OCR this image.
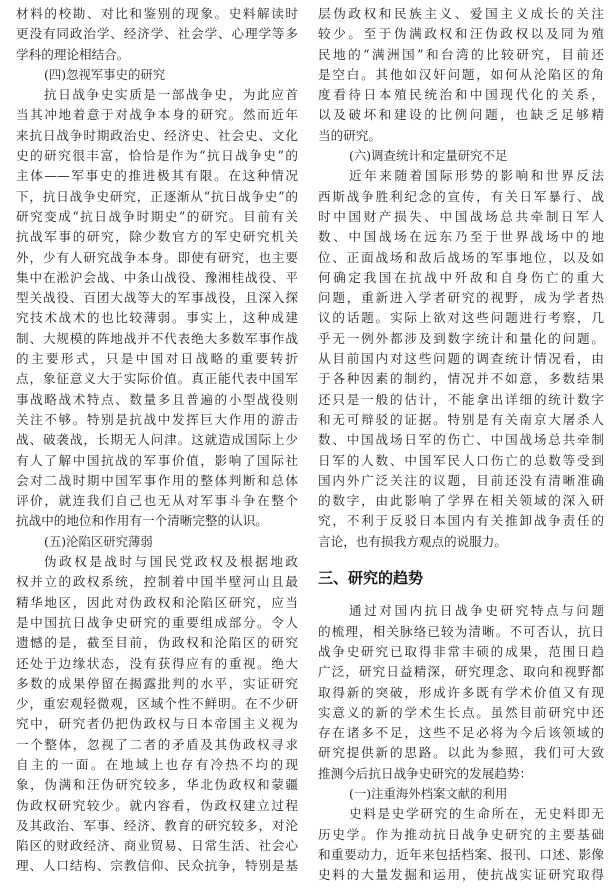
材料的校勘、对比和鉴别的现象。史料解读时
更没有同政治学、经济学、社会学、心理学等多
学科的理论相结合。
(四)忽视军事史的研究
抗日战争史实质是一部战争史，为此应首
当其冲地着意于对战争本身的研究。然而近年
来抗日战争时期政治史、经济史、社会史、文化
史的研究很丰富，恰恰是作为“抗日战争史”的
主体——军事史的推进极其有限。在这种情况
下，抗日战争史研究，正逐渐从“抗日战争史”的
研究变成“抗日战争时期史”的研究。目前有关
抗战军事的研究，除少数官方的军史研究机关
外，少有人研究战争本身。即使有研究，也主要
集中在淞沪会战、中条山战役、豫湘桂战役、平
型关战役、百团大战等大的军事战役，且深入探
究技术战术的也比较薄弱。事实上，这种成建
制、大规模的阵地战并不代表绝大多数军事作战
的主要形式，只是中国对日战略的重要转折
点，象征意义大于实际价值。真正能代表中国军
事战略战术特点、数量多且普遍的小型战役则
关注不够。特别是抗战中发挥巨大作用的游击
战、破袭战，长期无人问津。这就造成国际上少
有人了解中国抗战的军事价值，影响了国际社
会对二战时期中国军事作用的整体判断和总体
评价，就连我们自己也无从对军事斗争在整个
抗战中的地位和作用有一个清晰完整的认识。
(五)沦陷区研究薄弱
伪政权是战时与国民党政权及根据地政
权并立的政权系统，控制着中国半壁河山且最
精华地区，因此对伪政权和沦陷区研究，应当
是中国抗日战争史研究的重要组成部分。令人
遗憾的是，截至目前，伪政权和沦陷区的研究
还处于边缘状态，没有获得应有的重视。绝大
多数的成果停留在揭露批判的水平，实证研究
少，重宏观轻微观，区域个性不鲜明。在不少研
究中，研究者仍把伪政权与日本帝国主义视为
一个整体，忽视了二者的矛盾及其伪政权寻求
自主的一面。在地域上也存有冷热不均的现
象，伪满和汪伪研究较多，华北伪政权和蒙疆
伪政权研究较少。就内容看，伪政权建立过程
及其政治、军事、经济、教育的研究较多，对沦
陷区的财政经济、商业贸易、日常生活、社会心
理、人口结构、宗教信仰、民众抗争，特别是基
层伪政权和民族主义、爱国主义成长的关注
较少。至于伪满政权和汪伪政权以及同为殖
民地的“满洲国”和台湾的比较研究，目前还
是空白。其他如汉奸问题，如何从沦陷区的角
度看待日本殖民统治和中国现代化的关系，
以及破坏和建设的比例问题，也缺乏足够精
当的研究。
(六)调查统计和定量研究不足
近年来随着国际形势的影响和世界反法
西斯战争胜利纪念的宣传，有关日军暴行、战
时中国财产损失、中国战场总共牵制日军人
数、中国战场在远东乃至于世界战场中的地
位、正面战场和敌后战场的军事地位，以及如
何确定我国在抗战中歼敌和自身伤亡的重大
问题，重新进入学者研究的视野，成为学者热
议的话题。实际上欲对这些问题进行考察，几
乎无一例外都涉及到数字统计和量化的问题。
从目前国内对这些问题的调查统计情况看，由
于各种因素的制约，情况并不如意，多数结果
还只是一般的估计，不能拿出详细的统计数字
和无可辩驳的证据。特别是有关南京大屠杀人
数、中国战场日军的伤亡、中国战场总共牵制
日军的人数、中国军民人口伤亡的总数等受到
国内外广泛关注的议题，目前还没有清晰准确
的数字，由此影响了学界在相关领域的深入研
究，不利于反驳日本国内有关推卸战争责任的
言论，也有损我方观点的说服力。
三、研究的趋势
通过对国内抗日战争史研究特点与问题
的梳理，相关脉络已较为清晰。不可否认，抗日
战争史研究已取得非常丰硕的成果，范围日趋
广泛，研究日益精深，研究理念、取向和视野都
取得新的突破，形成许多既有学术价值又有现
实意义的新的学术生长点。虽然目前研究中还
存在诸多不足，这些不足必将为今后该领域的
研究提供新的思路。以此为参照，我们可大致
推测今后抗日战争史研究的发展趋势：
(一)注重海外档案文献的利用
史料是史学研究的生命所在，无史料即无
历史学。作为推动抗日战争史研究的主要基础
和重要动力，近年来包括档案、报刊、口述、影像
史料的大量发掘和运用，使抗战实证研究取得
